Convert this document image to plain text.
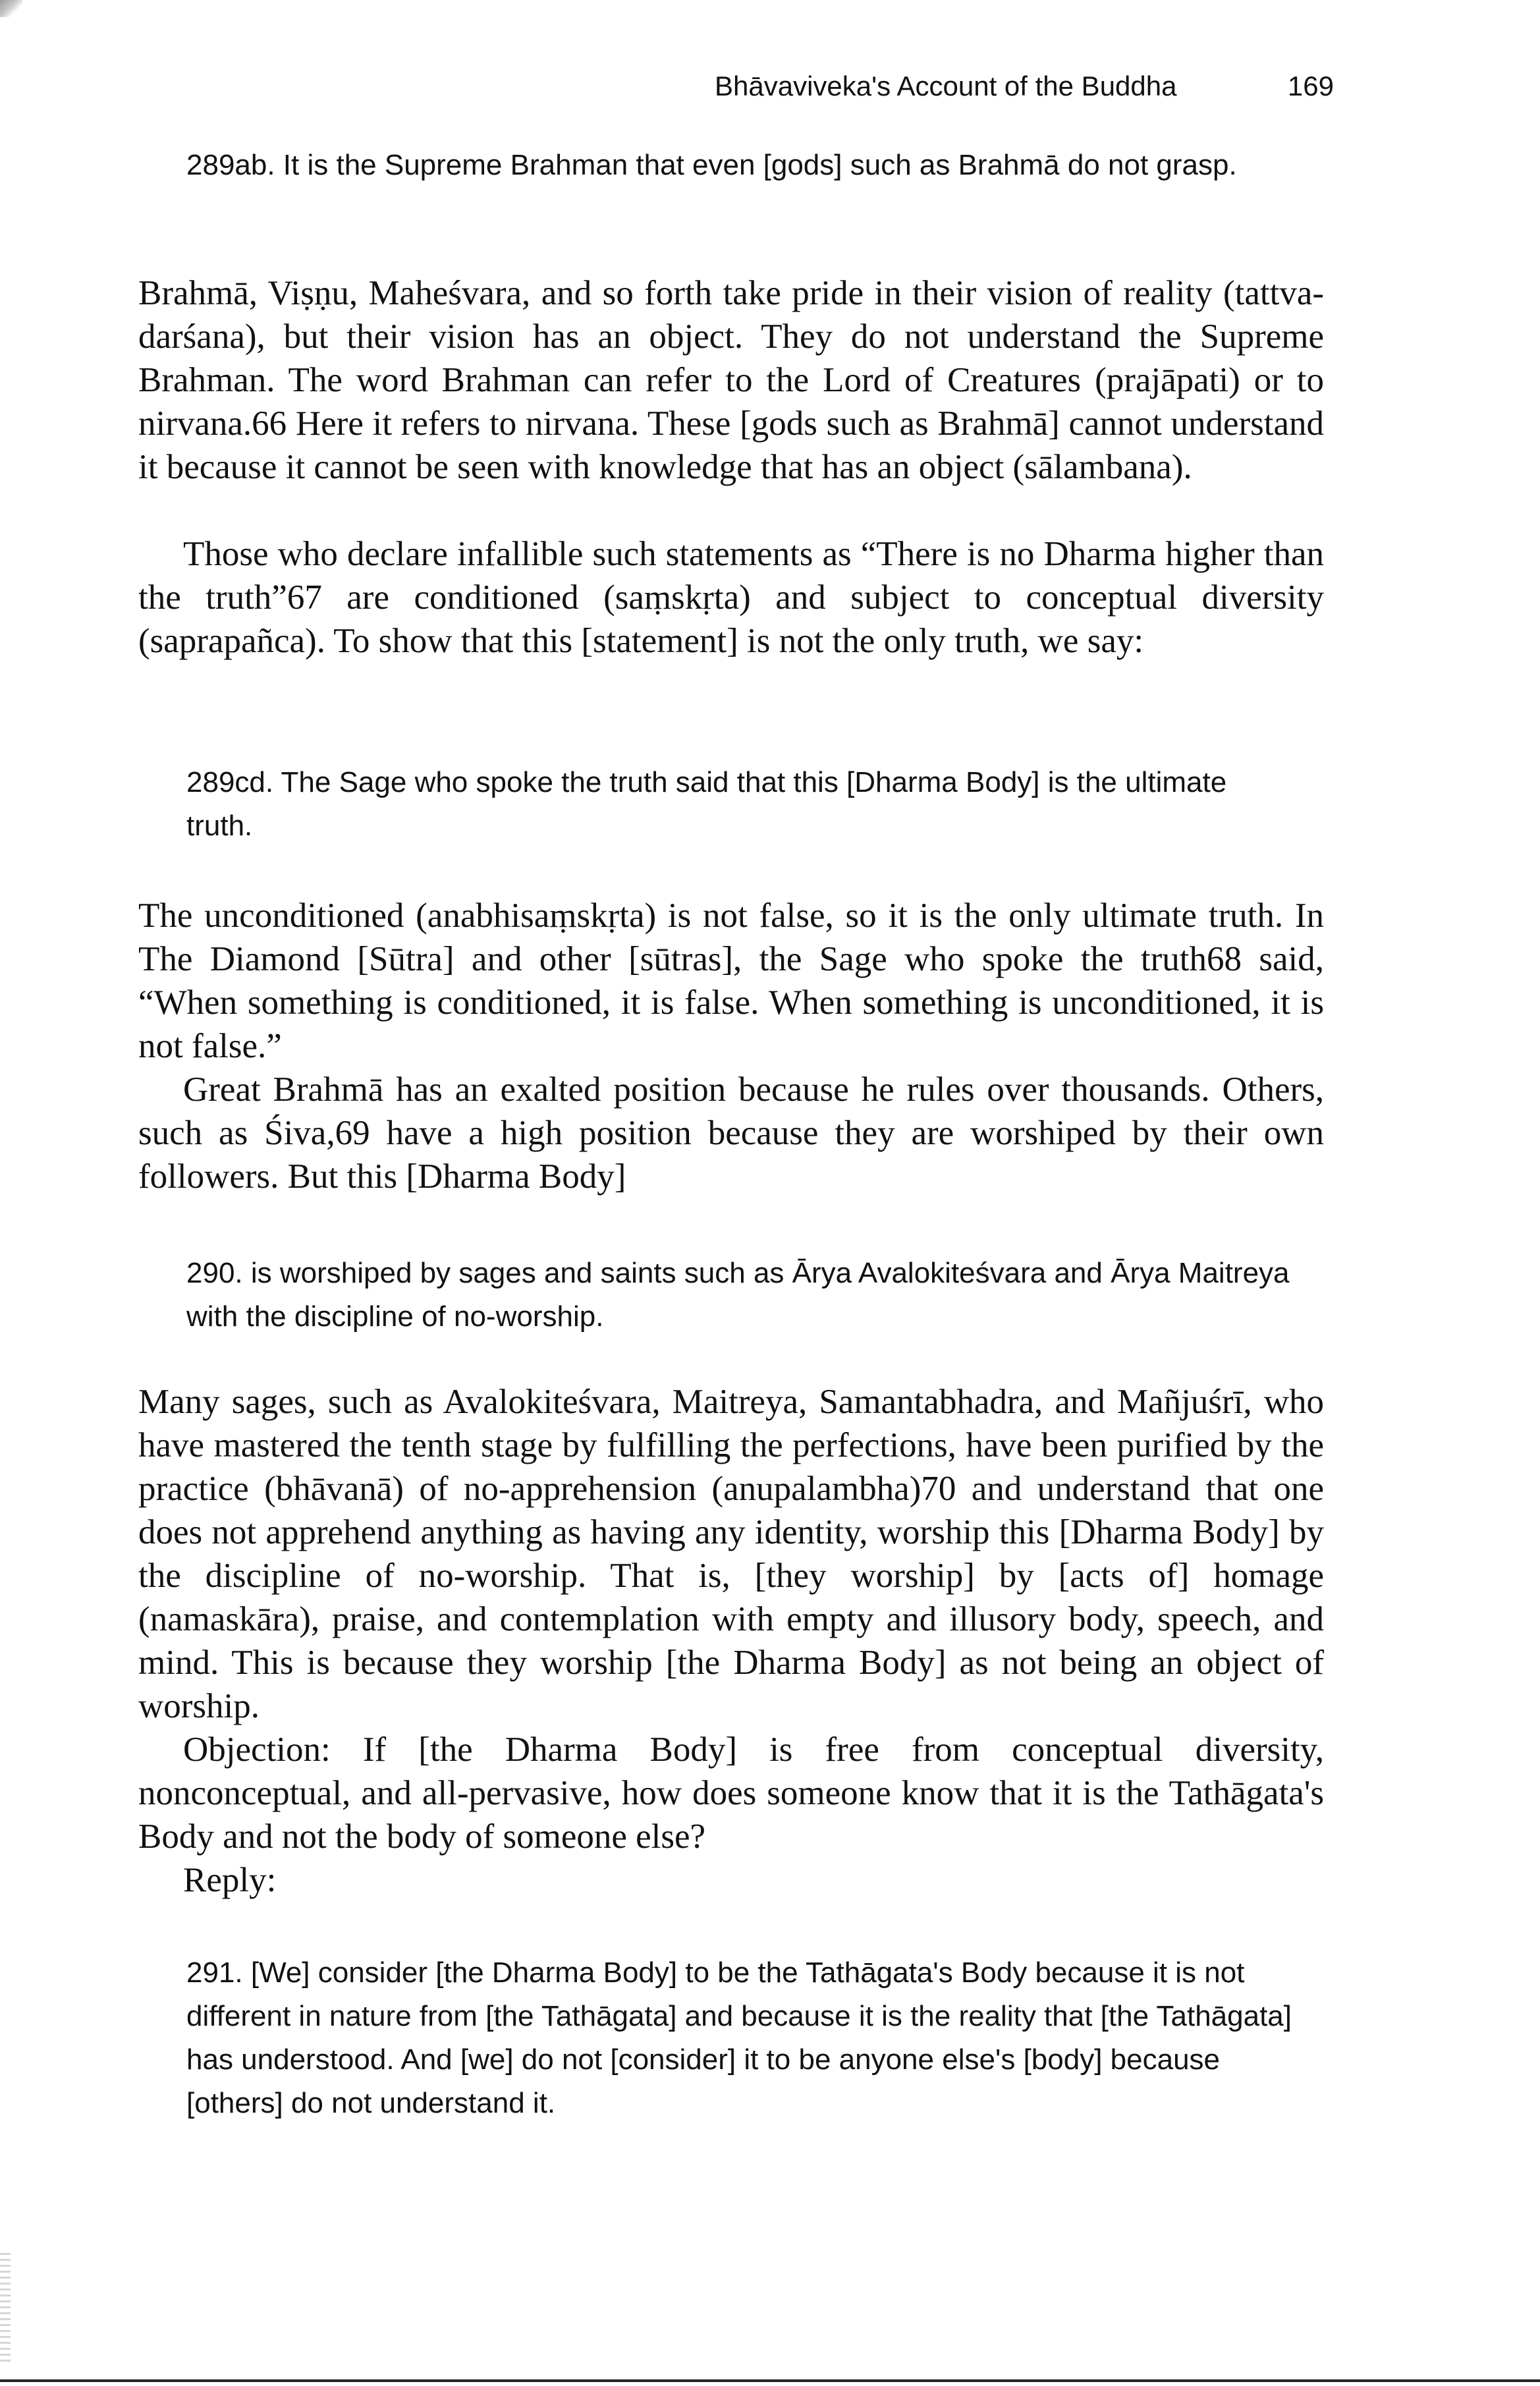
Bhāvaviveka's Account of the Buddha	169
289ab. It is the Supreme Brahman that even [gods] such as Brahmā do not grasp.
Brahmā, Viṣṇu, Maheśvara, and so forth take pride in their vision of reality (tattva-darśana), but their vision has an object. They do not understand the Supreme Brahman. The word Brahman can refer to the Lord of Creatures (prajāpati) or to nirvana.66 Here it refers to nirvana. These [gods such as Brahmā] cannot understand it because it cannot be seen with knowledge that has an object (sālambana).
Those who declare infallible such statements as “There is no Dharma higher than the truth”67 are conditioned (saṃskṛta) and subject to conceptual diversity (saprapañca). To show that this [statement] is not the only truth, we say:
289cd. The Sage who spoke the truth said that this [Dharma Body] is the ultimate truth.
The unconditioned (anabhisaṃskṛta) is not false, so it is the only ultimate truth. In The Diamond [Sūtra] and other [sūtras], the Sage who spoke the truth68 said, “When something is conditioned, it is false. When something is unconditioned, it is not false.”
Great Brahmā has an exalted position because he rules over thousands. Others, such as Śiva,69 have a high position because they are worshiped by their own followers. But this [Dharma Body]
290. is worshiped by sages and saints such as Ārya Avalokiteśvara and Ārya Maitreya with the discipline of no-worship.
Many sages, such as Avalokiteśvara, Maitreya, Samantabhadra, and Mañjuśrī, who have mastered the tenth stage by fulfilling the perfections, have been purified by the practice (bhāvanā) of no-apprehension (anupalambha)70 and understand that one does not apprehend anything as having any identity, worship this [Dharma Body] by the discipline of no-worship. That is, [they worship] by [acts of] homage (namaskāra), praise, and contemplation with empty and illusory body, speech, and mind. This is because they worship [the Dharma Body] as not being an object of worship.
Objection: If [the Dharma Body] is free from conceptual diversity, nonconceptual, and all-pervasive, how does someone know that it is the Tathāgata's Body and not the body of someone else?
Reply:
291. [We] consider [the Dharma Body] to be the Tathāgata's Body because it is not different in nature from [the Tathāgata] and because it is the reality that [the Tathāgata] has understood. And [we] do not [consider] it to be anyone else's [body] because [others] do not understand it.
